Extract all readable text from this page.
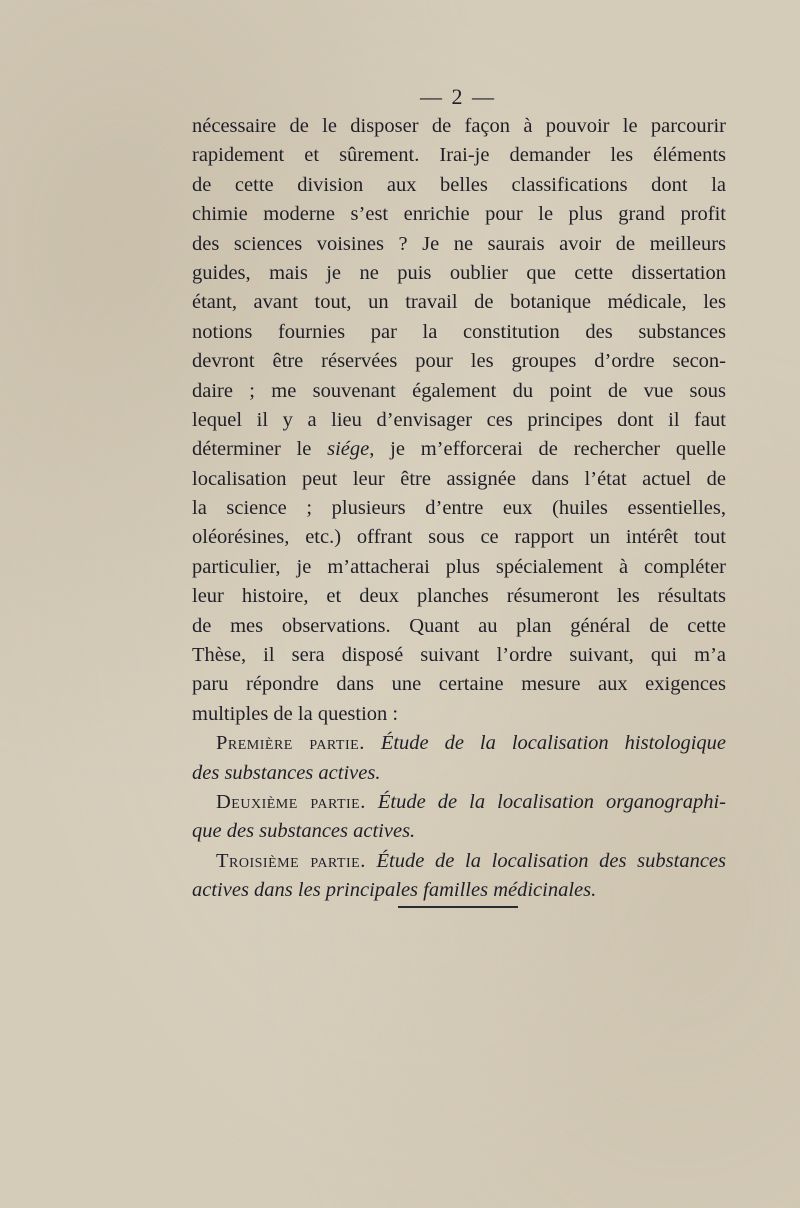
— 2 —
nécessaire de le disposer de façon à pouvoir le parcourir
rapidement et sûrement. Irai-je demander les éléments
de cette division aux belles classifications dont la
chimie moderne s’est enrichie pour le plus grand profit
des sciences voisines ? Je ne saurais avoir de meilleurs
guides, mais je ne puis oublier que cette dissertation
étant, avant tout, un travail de botanique médicale, les
notions fournies par la constitution des substances
devront être réservées pour les groupes d’ordre secon-
daire ; me souvenant également du point de vue sous
lequel il y a lieu d’envisager ces principes dont il faut
déterminer le siége, je m’efforcerai de rechercher quelle
localisation peut leur être assignée dans l’état actuel de
la science ; plusieurs d’entre eux (huiles essentielles,
oléorésines, etc.) offrant sous ce rapport un intérêt tout
particulier, je m’attacherai plus spécialement à compléter
leur histoire, et deux planches résumeront les résultats
de mes observations. Quant au plan général de cette
Thèse, il sera disposé suivant l’ordre suivant, qui m’a
paru répondre dans une certaine mesure aux exigences
multiples de la question :
Première partie. Étude de la localisation histologique
des substances actives.
Deuxième partie. Étude de la localisation organographi-
que des substances actives.
Troisième partie. Étude de la localisation des substances
actives dans les principales familles médicinales.
